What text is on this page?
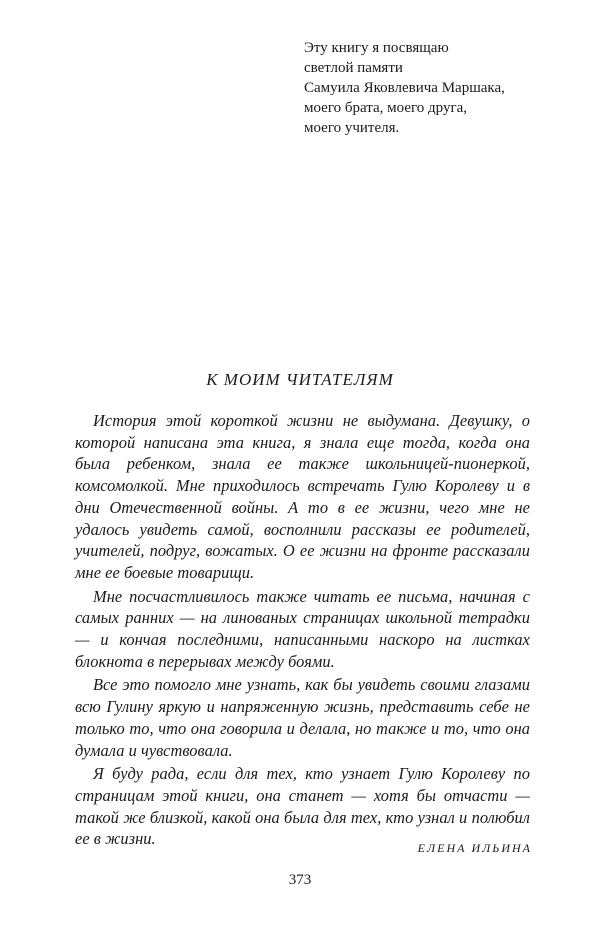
Эту книгу я посвящаю
светлой памяти
Самуила Яковлевича Маршака,
моего брата, моего друга,
моего учителя.
К МОИМ ЧИТАТЕЛЯМ

История этой короткой жизни не выдумана. Девушку, о которой написана эта книга, я знала еще тогда, когда она была ребенком, знала ее также школьницей-пионеркой, комсомолкой. Мне приходилось встречать Гулю Королеву и в дни Отечественной войны. А то в ее жизни, чего мне не удалось увидеть самой, восполнили рассказы ее родителей, учителей, подруг, вожатых. О ее жизни на фронте рассказали мне ее боевые товарищи.

Мне посчастливилось также читать ее письма, начиная с самых ранних — на линованых страницах школьной тетрадки — и кончая последними, написанными наскоро на листках блокнота в перерывах между боями.

Все это помогло мне узнать, как бы увидеть своими глазами всю Гулину яркую и напряженную жизнь, представить себе не только то, что она говорила и делала, но также и то, что она думала и чувствовала.

Я буду рада, если для тех, кто узнает Гулю Королеву по страницам этой книги, она станет — хотя бы отчасти — такой же близкой, какой она была для тех, кто узнал и полюбил ее в жизни.	ЕЛЕНА ИЛЬИНА
373
